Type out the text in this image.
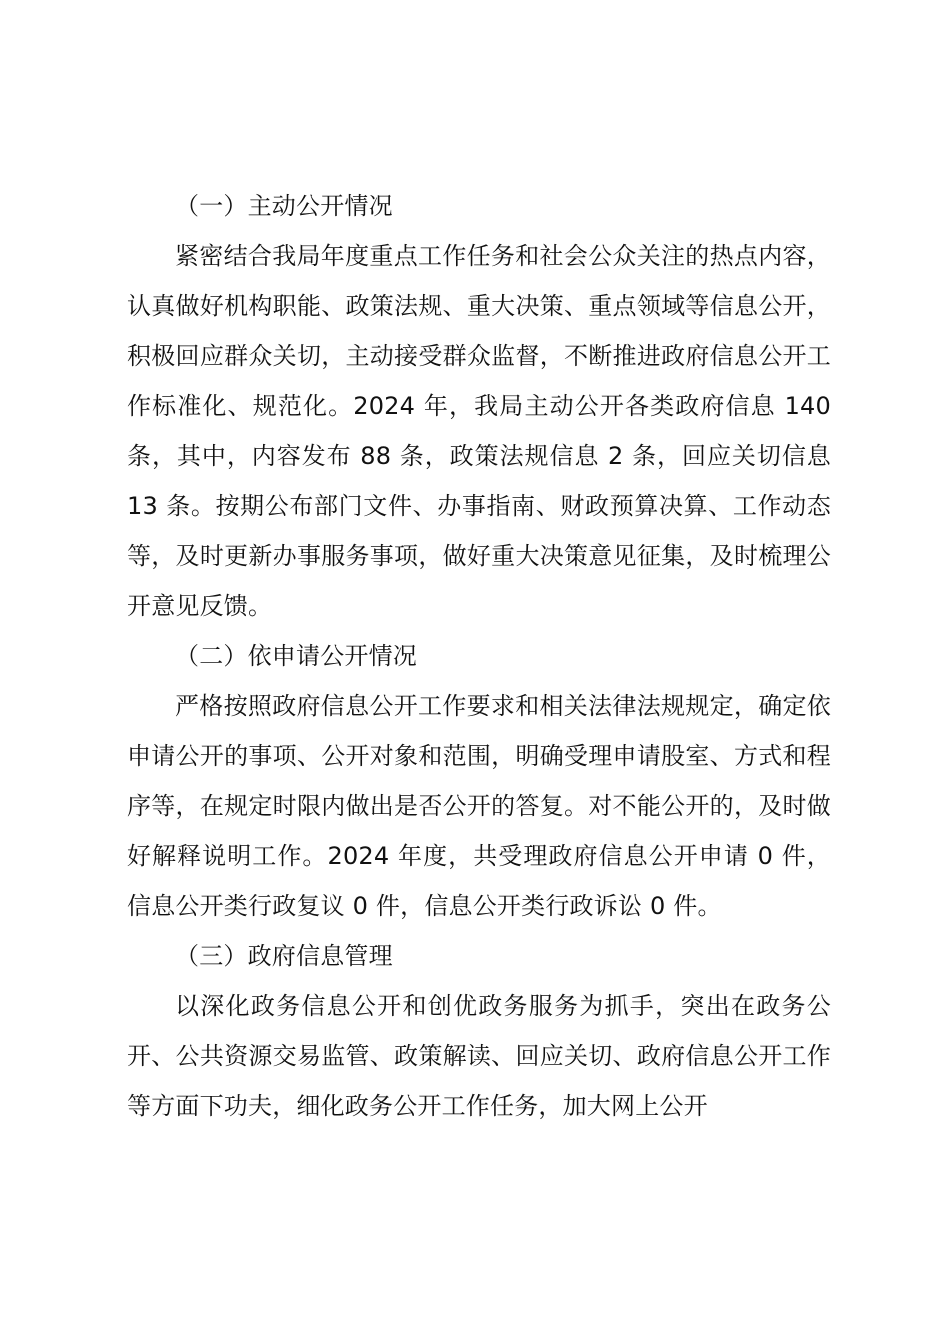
（一）主动公开情况

紧密结合我局年度重点工作任务和社会公众关注的热点内容，认真做好机构职能、政策法规、重大决策、重点领域等信息公开，积极回应群众关切，主动接受群众监督，不断推进政府信息公开工作标准化、规范化。2024 年，我局主动公开各类政府信息 140 条，其中，内容发布 88 条，政策法规信息 2 条，回应关切信息 13 条。按期公布部门文件、办事指南、财政预算决算、工作动态等，及时更新办事服务事项，做好重大决策意见征集，及时梳理公开意见反馈。

（二）依申请公开情况

严格按照政府信息公开工作要求和相关法律法规规定，确定依申请公开的事项、公开对象和范围，明确受理申请股室、方式和程序等，在规定时限内做出是否公开的答复。对不能公开的，及时做好解释说明工作。2024 年度，共受理政府信息公开申请 0 件，信息公开类行政复议 0 件，信息公开类行政诉讼 0 件。

（三）政府信息管理

以深化政务信息公开和创优政务服务为抓手，突出在政务公开、公共资源交易监管、政策解读、回应关切、政府信息公开工作等方面下功夫，细化政务公开工作任务，加大网上公开
